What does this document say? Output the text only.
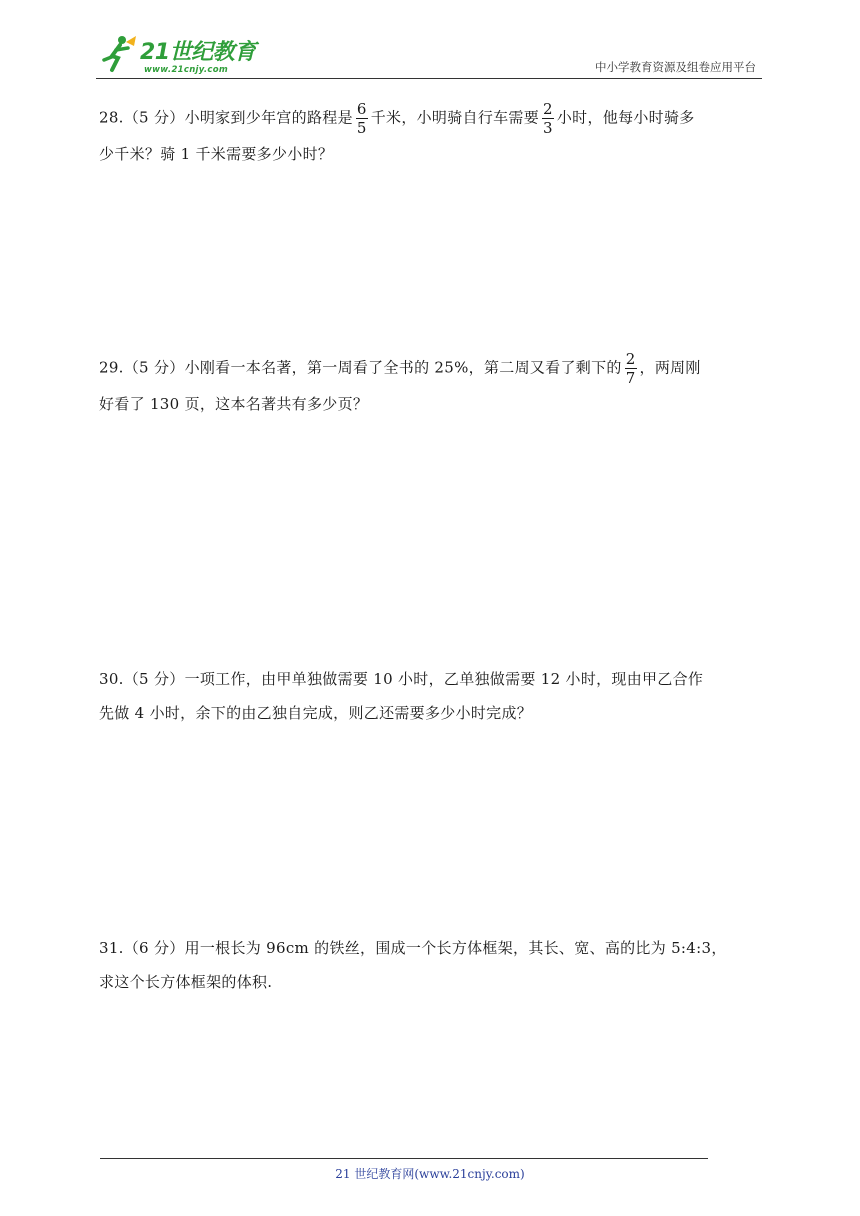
21世纪教育
www.21cnjy.com	中小学教育资源及组卷应用平台
28.（5 分）小明家到少年宫的路程是 $\frac{6}{5}$ 千米，小明骑自行车需要 $\frac{2}{3}$ 小时，他每小时骑多
少千米？骑 1 千米需要多少小时？
29.（5 分）小刚看一本名著，第一周看了全书的 25%，第二周又看了剩下的 $\frac{2}{7}$ ，两周刚
好看了 130 页，这本名著共有多少页？
30.（5 分）一项工作，由甲单独做需要 10 小时，乙单独做需要 12 小时，现由甲乙合作
先做 4 小时，余下的由乙独自完成，则乙还需要多少小时完成？
31.（6 分）用一根长为 96cm 的铁丝，围成一个长方体框架，其长、宽、高的比为 5:4:3，
求这个长方体框架的体积.
21 世纪教育网(www.21cnjy.com)
